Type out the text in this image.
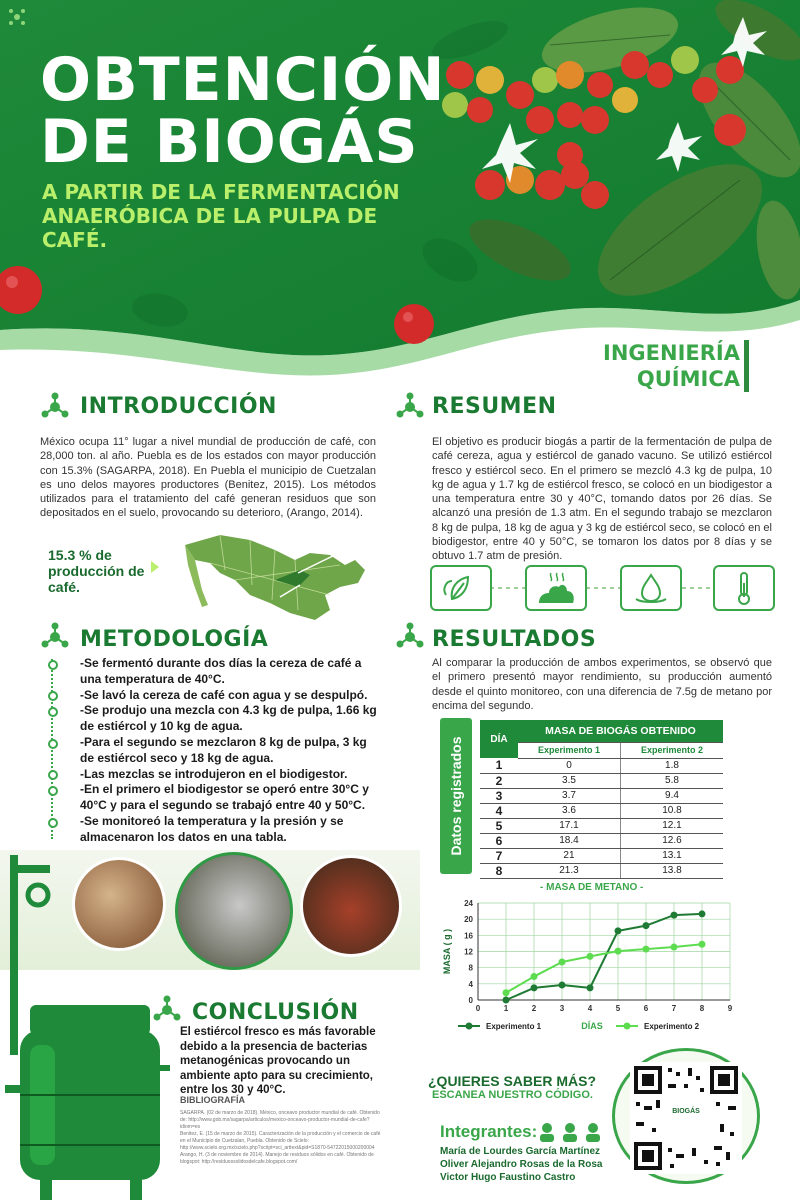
OBTENCIÓN
DE BIOGÁS
A PARTIR DE LA FERMENTACIÓN ANAERÓBICA DE LA PULPA DE CAFÉ.
INGENIERÍA QUÍMICA
INTRODUCCIÓN
México ocupa 11° lugar a nivel mundial de producción de café, con 28,000 ton. al año. Puebla es de los estados con mayor producción con 15.3% (SAGARPA, 2018). En Puebla el municipio de Cuetzalan es uno delos mayores productores (Benitez, 2015). Los métodos utilizados para el tratamiento del café generan residuos que son depositados en el suelo, provocando su deterioro, (Arango, 2014).
15.3 % de producción de café.
RESUMEN
El objetivo es producir biogás a partir de la fermentación de pulpa de café cereza, agua y estiércol de ganado vacuno. Se utilizó estiércol fresco y estiércol seco. En el primero se mezcló 4.3 kg de pulpa, 10 kg de agua y 1.7 kg de estiércol fresco, se colocó en un biodigestor a una temperatura entre 30 y 40°C, tomando datos por 26 días. Se alcanzó una presión de 1.3 atm. En el segundo trabajo se mezclaron 8 kg de pulpa, 18 kg de agua y 3 kg de estiércol seco, se colocó en el biodigestor, entre 40 y 50°C, se tomaron los datos por 8 días y se obtuvo 1.7 atm de presión.
METODOLOGÍA
-Se fermentó durante dos días la cereza de café a una temperatura de 40°C.
-Se lavó la cereza de café con agua y se despulpó.
-Se produjo una mezcla con 4.3 kg de pulpa, 1.66 kg de estiércol y 10 kg de agua.
-Para el segundo se mezclaron 8 kg de pulpa, 3 kg de estiércol seco y 18 kg de agua.
-Las mezclas se introdujeron en el biodigestor.
-En el primero el biodigestor se operó entre 30°C y 40°C y para el segundo se trabajó entre 40 y 50°C.
-Se monitoreó la temperatura y la presión y se almacenaron los datos en una tabla.
CONCLUSIÓN
El estiércol fresco es más favorable debido a la presencia de bacterias metanogénicas provocando un ambiente apto para su crecimiento, entre los 30 y 40°C.
BIBLIOGRAFÍA
SAGARPA. (02 de marzo de 2018). México, onceavo productor mundial de café. Obtenido de: http://www.gob.mx/sagarpa/articulos/mexico-onceavo-productor-mundial-de-cafe?idiom=es
Benitez, E. (15 de marzo de 2015). Caracterización de la producción y el comercio de café en el Municipio de Cuetzalan, Puebla. Obtenido de Scielo: http://www.scielo.org.mx/scielo.php?script=sci_arttext&pid=S1870-54722015000200004
Arango, H. (3 de noviembre de 2014). Manejo de residuos sólidos en café. Obtenido de blogspot: http://residuossolidosdelcafe.blogspot.com/
RESULTADOS
Al comparar la producción de ambos experimentos, se observó que el primero presentó mayor rendimiento, su producción aumentó desde el quinto monitoreo, con una diferencia de 7.5g de metano por encima del segundo.
Datos registrados	DÍA	MASA DE BIOGÁS OBTENIDO	
	Experimento 1	Experimento 2
1	0	1.8
2	3.5	5.8
3	3.7	9.4
4	3.6	10.8
5	17.1	12.1
6	18.4	12.6
7	21	13.1
8	21.3	13.8
- MASA DE METANO -
0
4
8
12
16
20
24
0	1	2	3	4	5	6	7	8	9
MASA ( g )
Experimento 1	Experimento 2
DÍAS
¿QUIERES SABER MÁS?
ESCANEA NUESTRO CÓDIGO.
BIOGÁS
Integrantes:
María de Lourdes García Martínez
Oliver Alejandro Rosas de la Rosa
Victor Hugo Faustino Castro
